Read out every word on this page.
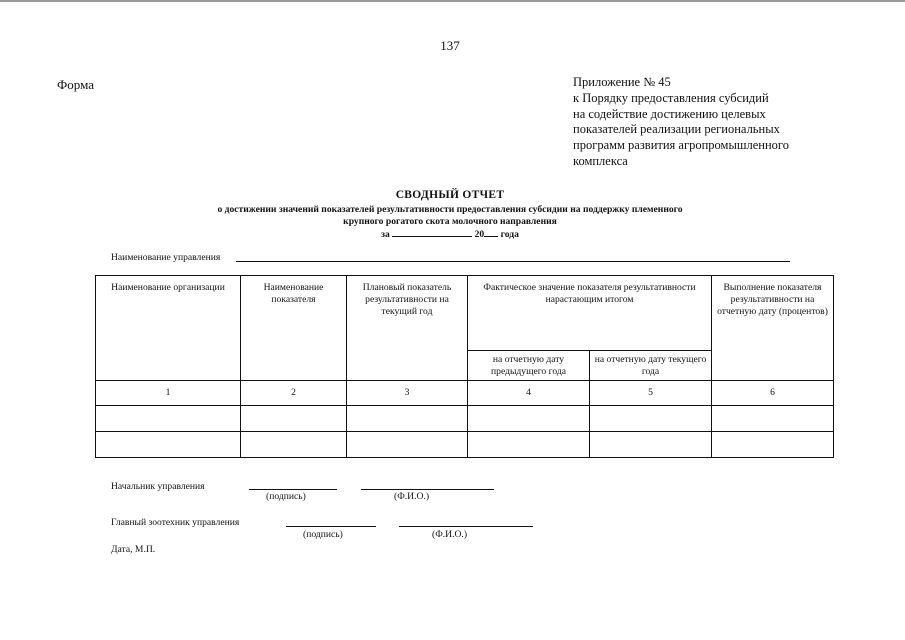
137
Форма	Приложение № 45
к Порядку предоставления субсидий
на содействие достижению целевых
показателей реализации региональных
программ развития агропромышленного
комплекса
СВОДНЫЙ ОТЧЕТ
о достижении значений показателей результативности предоставления субсидии на поддержку племенного
крупного рогатого скота молочного направления
за	20 года
Наименование управления
Наименование организации	Наименование показателя	Плановый показатель результативности на текущий год	Фактическое значение показателя результативности нарастающим итогом		Выполнение показателя результативности на отчетную дату (процентов)
			на отчетную дату предыдущего года	на отчетную дату текущего года	
1	2	3	4	5	6

Начальник управления
(подпись)	(Ф.И.О.)
Главный зоотехник управления
(подпись)	(Ф.И.О.)
Дата, М.П.
